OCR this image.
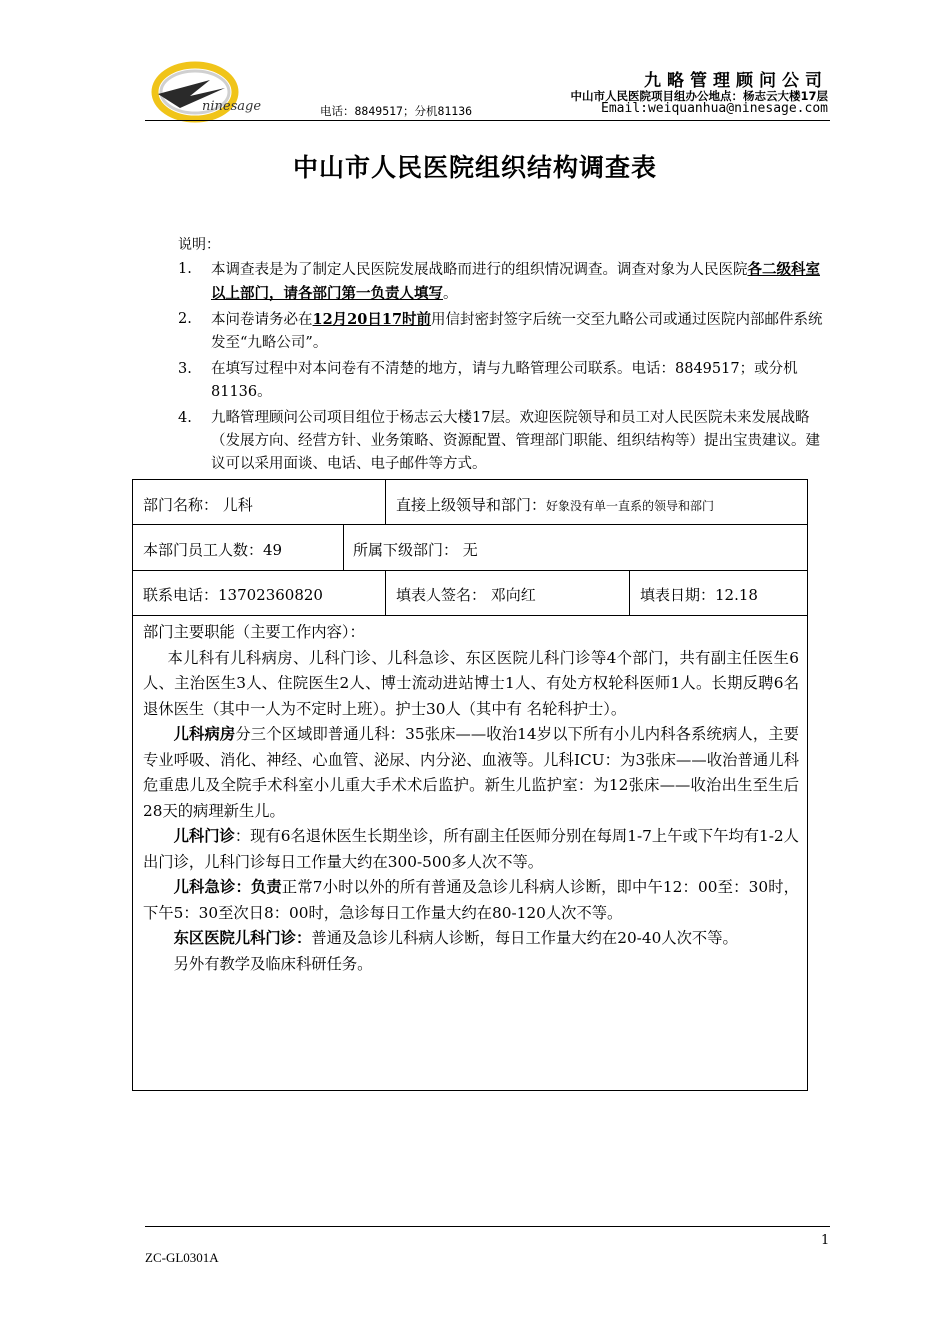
ninesage
九略管理顾问公司
中山市人民医院项目组办公地点：杨志云大楼17层
电话：8849517；分机81136	Email:weiquanhua@ninesage.com
中山市人民医院组织结构调查表
说明：
1.	本调查表是为了制定人民医院发展战略而进行的组织情况调查。调查对象为人民医院各二级科室以上部门，请各部门第一负责人填写。
2.	本问卷请务必在12月20日17时前用信封密封签字后统一交至九略公司或通过医院内部邮件系统发至“九略公司”。
3.	在填写过程中对本问卷有不清楚的地方，请与九略管理公司联系。电话：8849517；或分机81136。
4.	九略管理顾问公司项目组位于杨志云大楼17层。欢迎医院领导和员工对人民医院未来发展战略（发展方向、经营方针、业务策略、资源配置、管理部门职能、组织结构等）提出宝贵建议。建议可以采用面谈、电话、电子邮件等方式。
部门名称： 儿科	直接上级领导和部门：好象没有单一直系的领导和部门
本部门员工人数：49	所属下级部门： 无
联系电话：13702360820	填表人签名： 邓向红	填表日期：12.18

部门主要职能（主要工作内容）：

本儿科有儿科病房、儿科门诊、儿科急诊、东区医院儿科门诊等4个部门，共有副主任医生6人、主治医生3人、住院医生2人、博士流动进站博士1人、有处方权轮科医师1人。长期反聘6名退休医生（其中一人为不定时上班）。护士30人（其中有 名轮科护士）。

儿科病房分三个区域即普通儿科：35张床——收治14岁以下所有小儿内科各系统病人，主要专业呼吸、消化、神经、心血管、泌尿、内分泌、血液等。儿科ICU：为3张床——收治普通儿科危重患儿及全院手术科室小儿重大手术术后监护。新生儿监护室：为12张床——收治出生至生后28天的病理新生儿。

儿科门诊：现有6名退休医生长期坐诊，所有副主任医师分别在每周1-7上午或下午均有1-2人出门诊，儿科门诊每日工作量大约在300-500多人次不等。

儿科急诊：负责正常7小时以外的所有普通及急诊儿科病人诊断，即中午12：00至：30时，下午5：30至次日8：00时，急诊每日工作量大约在80-120人次不等。

东区医院儿科门诊：普通及急诊儿科病人诊断，每日工作量大约在20-40人次不等。

另外有教学及临床科研任务。

1
ZC-GL0301A
